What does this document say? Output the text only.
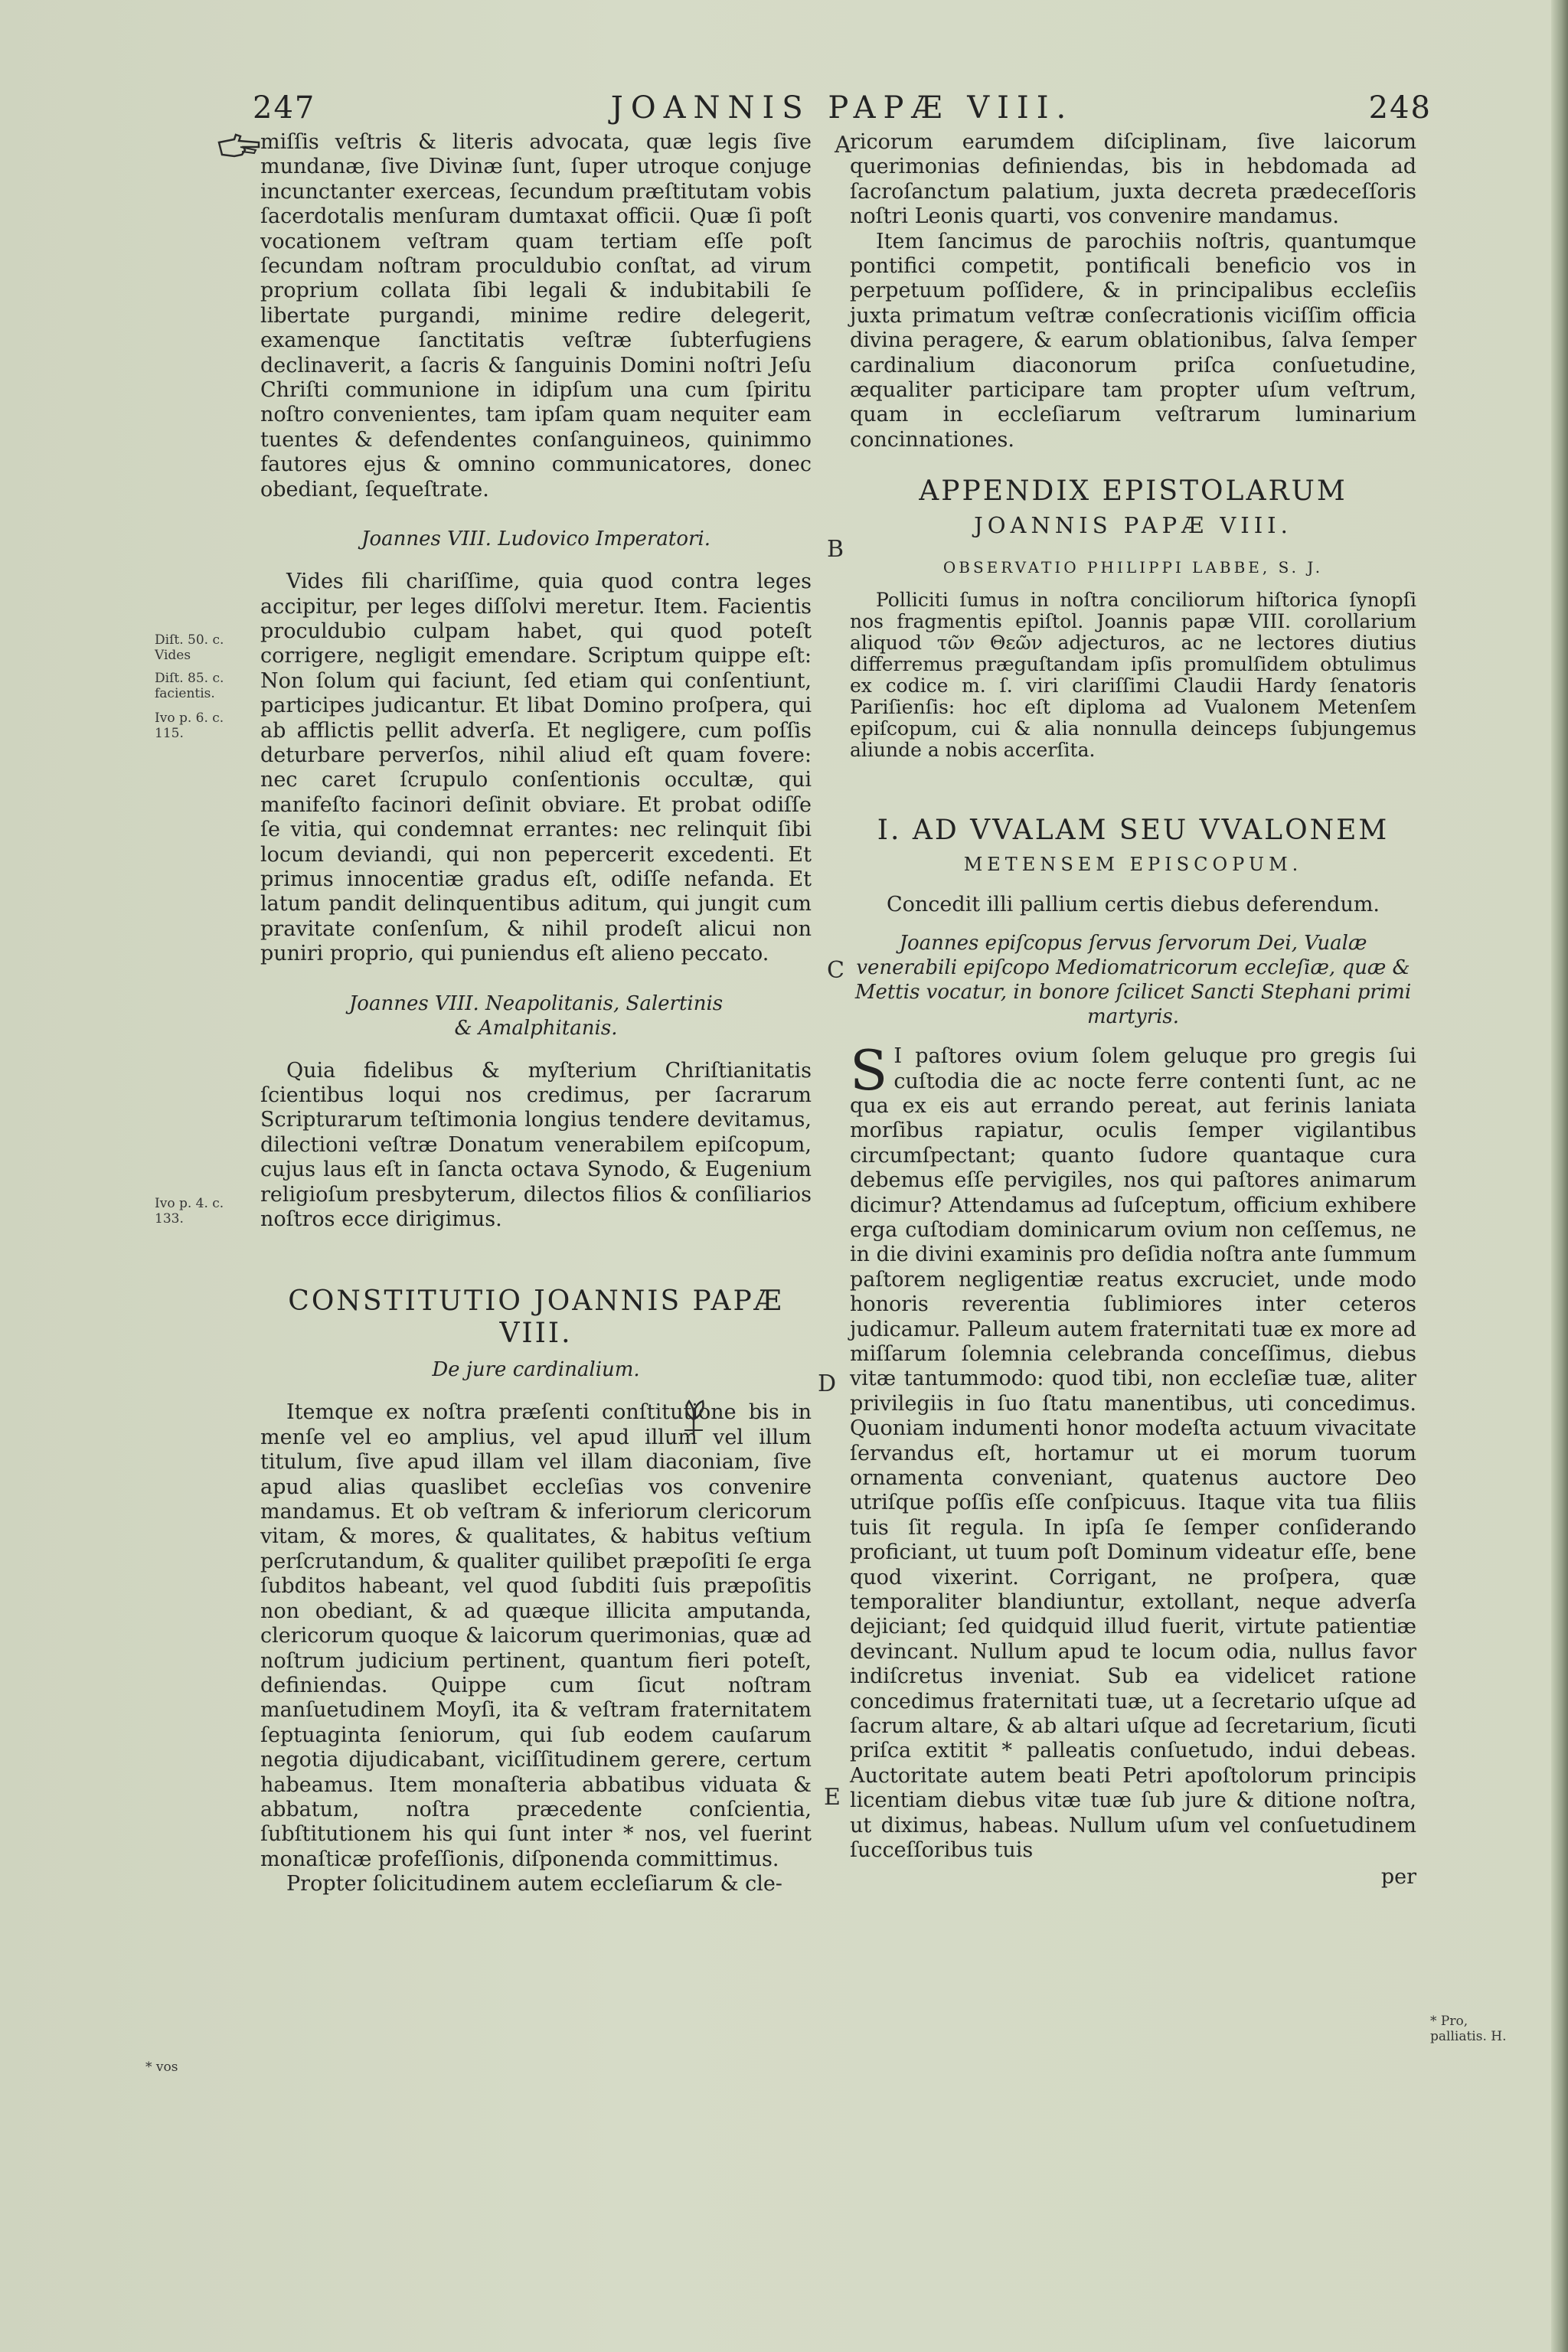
247	JOANNIS PAPÆ VIII.	248

miſſis veſtris & literis advocata, quæ legis ſive mundanæ, ſive Divinæ ſunt, ſuper utroque conjuge incunctanter exerceas, ſecundum præſtitutam vobis ſacerdotalis menſuram dumtaxat officii. Quæ ſi poſt vocationem veſtram quam tertiam eſſe poſt ſecundam noſtram proculdubio conſtat, ad virum proprium collata ſibi legali & indubitabili ſe libertate purgandi, minime redire delegerit, examenque ſanctitatis veſtræ ſubterfugiens declinaverit, a ſacris & ſanguinis Domini noſtri Jeſu Chriſti communione in idipſum una cum ſpiritu noſtro convenientes, tam ipſam quam nequiter eam tuentes & defendentes conſanguineos, quinimmo fautores ejus & omnino communicatores, donec obediant, ſequeſtrate.

Joannes VIII. Ludovico Imperatori.

Vides fili chariſſime, quia quod contra leges accipitur, per leges diſſolvi meretur. Item. Facientis proculdubio culpam habet, qui quod poteſt corrigere, negligit emendare. Scriptum quippe eſt: Non ſolum qui faciunt, ſed etiam qui conſentiunt, participes judicantur. Et libat Domino proſpera, qui ab afflictis pellit adverſa. Et negligere, cum poſſis deturbare perverſos, nihil aliud eſt quam fovere: nec caret ſcrupulo conſentionis occultæ, qui manifeſto facinori deſinit obviare. Et probat odiſſe ſe vitia, qui condemnat errantes: nec relinquit ſibi locum deviandi, qui non pepercerit excedenti. Et primus innocentiæ gradus eſt, odiſſe nefanda. Et latum pandit delinquentibus aditum, qui jungit cum pravitate conſenſum, & nihil prodeſt alicui non puniri proprio, qui puniendus eſt alieno peccato.

Joannes VIII. Neapolitanis, Salertinis
& Amalphitanis.

Quia fidelibus & myſterium Chriſtianitatis ſcientibus loqui nos credimus, per ſacrarum Scripturarum teſtimonia longius tendere devitamus, dilectioni veſtræ Donatum venerabilem epiſcopum, cujus laus eſt in ſancta octava Synodo, & Eugenium religioſum presbyterum, dilectos filios & conſiliarios noſtros ecce dirigimus.

CONSTITUTIO JOANNIS PAPÆ VIII.
De jure cardinalium.

Itemque ex noſtra præſenti conſtitutione bis in menſe vel eo amplius, vel apud illum vel illum titulum, ſive apud illam vel illam diaconiam, ſive apud alias quaslibet eccleſias vos convenire mandamus. Et ob veſtram & inferiorum clericorum vitam, & mores, & qualitates, & habitus veſtium perſcrutandum, & qualiter quilibet præpoſiti ſe erga ſubditos habeant, vel quod ſubditi ſuis præpoſitis non obediant, & ad quæque illicita amputanda, clericorum quoque & laicorum querimonias, quæ ad noſtrum judicium pertinent, quantum fieri poteſt, definiendas. Quippe cum ſicut noſtram manſuetudinem Moyſi, ita & veſtram fraternitatem ſeptuaginta ſeniorum, qui ſub eodem cauſarum negotia dijudicabant, viciſſitudinem gerere, certum habeamus. Item monaſteria abbatibus viduata & abbatum, noſtra præcedente conſcientia, ſubſtitutionem his qui ſunt inter * nos, vel fuerint monaſticæ profeſſionis, diſponenda committimus.

Propter ſolicitudinem autem eccleſiarum & cle-

ricorum earumdem diſciplinam, ſive laicorum querimonias definiendas, bis in hebdomada ad ſacroſanctum palatium, juxta decreta prædeceſſoris noſtri Leonis quarti, vos convenire mandamus.

Item ſancimus de parochiis noſtris, quantumque pontifici competit, pontificali beneficio vos in perpetuum poſſidere, & in principalibus eccleſiis juxta primatum veſtræ conſecrationis viciſſim officia divina peragere, & earum oblationibus, ſalva ſemper cardinalium diaconorum priſca conſuetudine, æqualiter participare tam propter uſum veſtrum, quam in eccleſiarum veſtrarum luminarium concinnationes.

APPENDIX EPISTOLARUM
JOANNIS PAPÆ VIII.
OBSERVATIO PHILIPPI LABBE, S. J.

Polliciti ſumus in noſtra conciliorum hiſtorica ſynopſi nos fragmentis epiſtol. Joannis papæ VIII. corollarium aliquod τῶν Θεῶν adjecturos, ac ne lectores diutius differremus præguſtandam ipſis promulſidem obtulimus ex codice m. ſ. viri clariſſimi Claudii Hardy ſenatoris Pariſienſis: hoc eſt diploma ad Vualonem Metenſem epiſcopum, cui & alia nonnulla deinceps ſubjungemus aliunde a nobis accerſita.

I. AD VVALAM SEU VVALONEM
METENSEM EPISCOPUM.
Concedit illi pallium certis diebus deferendum.
Joannes epiſcopus ſervus ſervorum Dei, Vualæ venerabili epiſcopo Mediomatricorum eccleſiæ, quæ & Mettis vocatur, in bonore ſcilicet Sancti Stephani primi martyris.

S I paſtores ovium ſolem geluque pro gregis ſui cuſtodia die ac nocte ferre contenti ſunt, ac ne qua ex eis aut errando pereat, aut ferinis laniata morſibus rapiatur, oculis ſemper vigilantibus circumſpectant; quanto ſudore quantaque cura debemus eſſe pervigiles, nos qui paſtores animarum dicimur? Attendamus ad ſuſceptum, officium exhibere erga cuſtodiam dominicarum ovium non ceſſemus, ne in die divini examinis pro deſidia noſtra ante ſummum paſtorem negligentiæ reatus excruciet, unde modo honoris reverentia ſublimiores inter ceteros judicamur. Palleum autem fraternitati tuæ ex more ad miſſarum ſolemnia celebranda conceſſimus, diebus vitæ tantummodo: quod tibi, non eccleſiæ tuæ, aliter privilegiis in ſuo ſtatu manentibus, uti concedimus. Quoniam indumenti honor modeſta actuum vivacitate ſervandus eſt, hortamur ut ei morum tuorum ornamenta conveniant, quatenus auctore Deo utriſque poſſis eſſe conſpicuus. Itaque vita tua filiis tuis ſit regula. In ipſa ſe ſemper conſiderando proficiant, ut tuum poſt Dominum videatur eſſe, bene quod vixerint. Corrigant, ne proſpera, quæ temporaliter blandiuntur, extollant, neque adverſa dejiciant; ſed quidquid illud fuerit, virtute patientiæ devincant. Nullum apud te locum odia, nullus favor indiſcretus inveniat. Sub ea videlicet ratione concedimus fraternitati tuæ, ut a ſecretario uſque ad ſacrum altare, & ab altari uſque ad ſecretarium, ſicuti priſca extitit * palleatis conſuetudo, indui debeas. Auctoritate autem beati Petri apoſtolorum principis licentiam diebus vitæ tuæ ſub jure & ditione noſtra, ut diximus, habeas. Nullum uſum vel conſuetudinem ſucceſſoribus tuis

per
Diſt. 50. c. Vides
Diſt. 85. c. facientis.
Ivo p. 6. c. 115.
Ivo p. 4. c. 133.
* vos
* Pro, palliatis. H.
A
B
C
D
E
